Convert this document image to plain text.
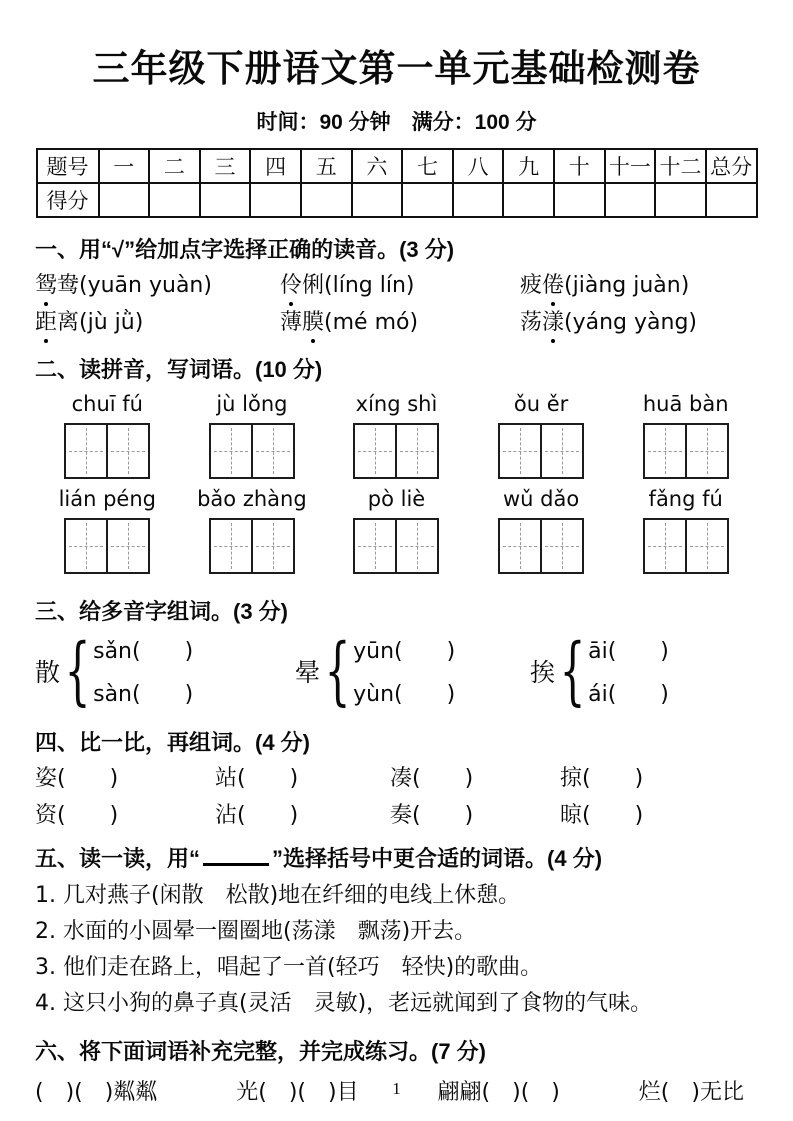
三年级下册语文第一单元基础检测卷
时间：90 分钟　满分：100 分
题号	一	二	三	四	五	六	七	八	九	十	十一	十二	总分
得分													
一、用“√”给加点字选择正确的读音。(3 分)
鸳鸯(yuān yuàn)	伶俐(líng lín)	疲倦(jiàng juàn)
距离(jù jǜ)	薄膜(mé mó)	荡漾(yáng yàng)
二、读拼音，写词语。(10 分)
chuī fú	jù lǒng	xíng shì	ǒu ěr	huā bàn
lián péng	bǎo zhàng	pò liè	wǔ dǎo	fǎng fú
三、给多音字组词。(3 分)
散 { sǎn(　　)
sàn(　　)
晕 { yūn(　　)
yùn(　　)
挨 { āi(　　)
ái(　　)
四、比一比，再组词。(4 分)
姿(　　)	站(　　)	凑(　　)	掠(　　)
资(　　)	沾(　　)	奏(　　)	晾(　　)
五、读一读，用“	”选择括号中更合适的词语。(4 分)
1. 几对燕子(闲散　松散)地在纤细的电线上休憩。
2. 水面的小圆晕一圈圈地(荡漾　飘荡)开去。
3. 他们走在路上，唱起了一首(轻巧　轻快)的歌曲。
4. 这只小狗的鼻子真(灵活　灵敏)，老远就闻到了食物的气味。
六、将下面词语补充完整，并完成练习。(7 分)
(　)(　)粼粼	光(　)(　)目	翩翩(　)(　)	烂(　)无比
1
